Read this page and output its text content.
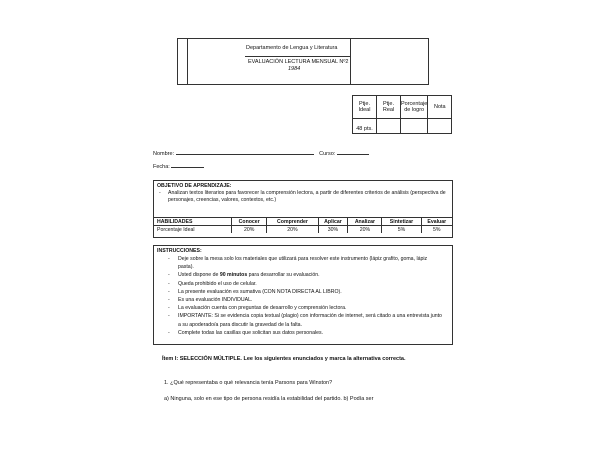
Departamento de Lengua y Literatura
EVALUACIÓN LECTURA MENSUAL Nº2
1984
Ptje. Ideal	Ptje. Real	Porcentaje de logro	Nota
48 pts.			
Nombre:	Curso:
Fecha:
OBJETIVO DE APRENDIZAJE:
- Analizan textos literarios para favorecer la comprensión lectora, a partir de diferentes criterios de análisis (perspectiva de personajes, creencias, valores, contextos, etc.)
HABILIDADES	Conocer	Comprender	Aplicar	Analizar	Sintetizar	Evaluar
Porcentaje Ideal	20%	20%	30%	20%	5%	5%
INSTRUCCIONES:
- Deje sobre la mesa solo los materiales que utilizará para resolver este instrumento (lápiz grafito, goma, lápiz pasta).
- Usted dispone de 90 minutos para desarrollar su evaluación.
- Queda prohibido el uso de celular.
- La presente evaluación es sumativa (CON NOTA DIRECTA AL LIBRO).
- Es una evaluación INDIVIDUAL.
- La evaluación cuenta con preguntas de desarrollo y comprensión lectora.
- IMPORTANTE: Si se evidencia copia textual (plagio) con información de internet, será citado a una entrevista junto a su apoderado/a para discutir la gravedad de la falta.
- Complete todas las casillas que solicitan sus datos personales.
Ítem I: SELECCIÓN MÚLTIPLE. Lee los siguientes enunciados y marca la alternativa correcta.
1. ¿Qué representaba o qué relevancia tenía Parsons para Winston?
a) Ninguna, solo en ese tipo de persona residía la estabilidad del partido. b) Podía ser
